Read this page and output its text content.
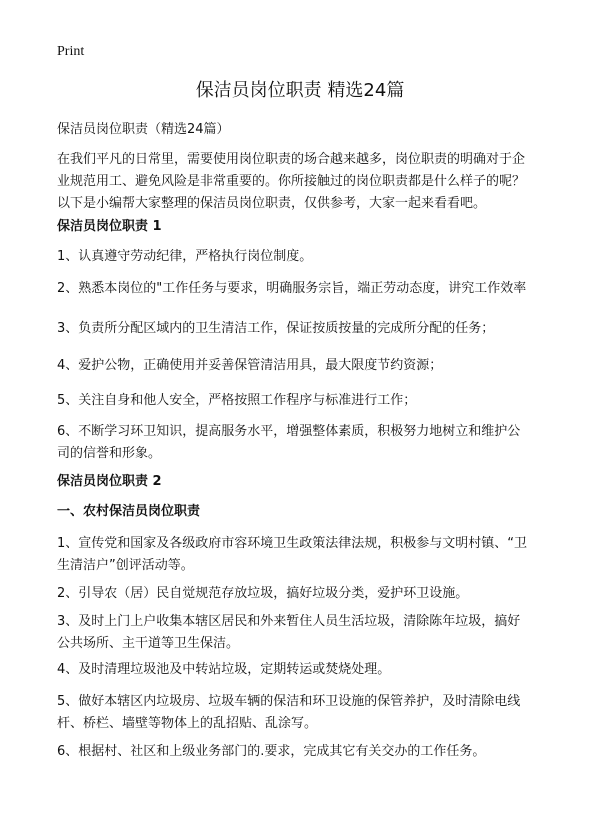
Print
保洁员岗位职责 精选24篇
保洁员岗位职责（精选24篇）
在我们平凡的日常里，需要使用岗位职责的场合越来越多，岗位职责的明确对于企
业规范用工、避免风险是非常重要的。你所接触过的岗位职责都是什么样子的呢？
以下是小编帮大家整理的保洁员岗位职责，仅供参考，大家一起来看看吧。
保洁员岗位职责 1
1、认真遵守劳动纪律，严格执行岗位制度。
2、熟悉本岗位的"工作任务与要求，明确服务宗旨，端正劳动态度，讲究工作效率
3、负责所分配区域内的卫生清洁工作，保证按质按量的完成所分配的任务；
4、爱护公物，正确使用并妥善保管清洁用具，最大限度节约资源；
5、关注自身和他人安全，严格按照工作程序与标准进行工作；
6、不断学习环卫知识，提高服务水平，增强整体素质，积极努力地树立和维护公
司的信誉和形象。
保洁员岗位职责 2
一、农村保洁员岗位职责
1、宣传党和国家及各级政府市容环境卫生政策法律法规，积极参与文明村镇、“卫
生清洁户”创评活动等。
2、引导农（居）民自觉规范存放垃圾，搞好垃圾分类，爱护环卫设施。
3、及时上门上户收集本辖区居民和外来暂住人员生活垃圾，清除陈年垃圾，搞好
公共场所、主干道等卫生保洁。
4、及时清理垃圾池及中转站垃圾，定期转运或焚烧处理。
5、做好本辖区内垃圾房、垃圾车辆的保洁和环卫设施的保管养护，及时清除电线
杆、桥栏、墙壁等物体上的乱招贴、乱涂写。
6、根据村、社区和上级业务部门的.要求，完成其它有关交办的工作任务。
